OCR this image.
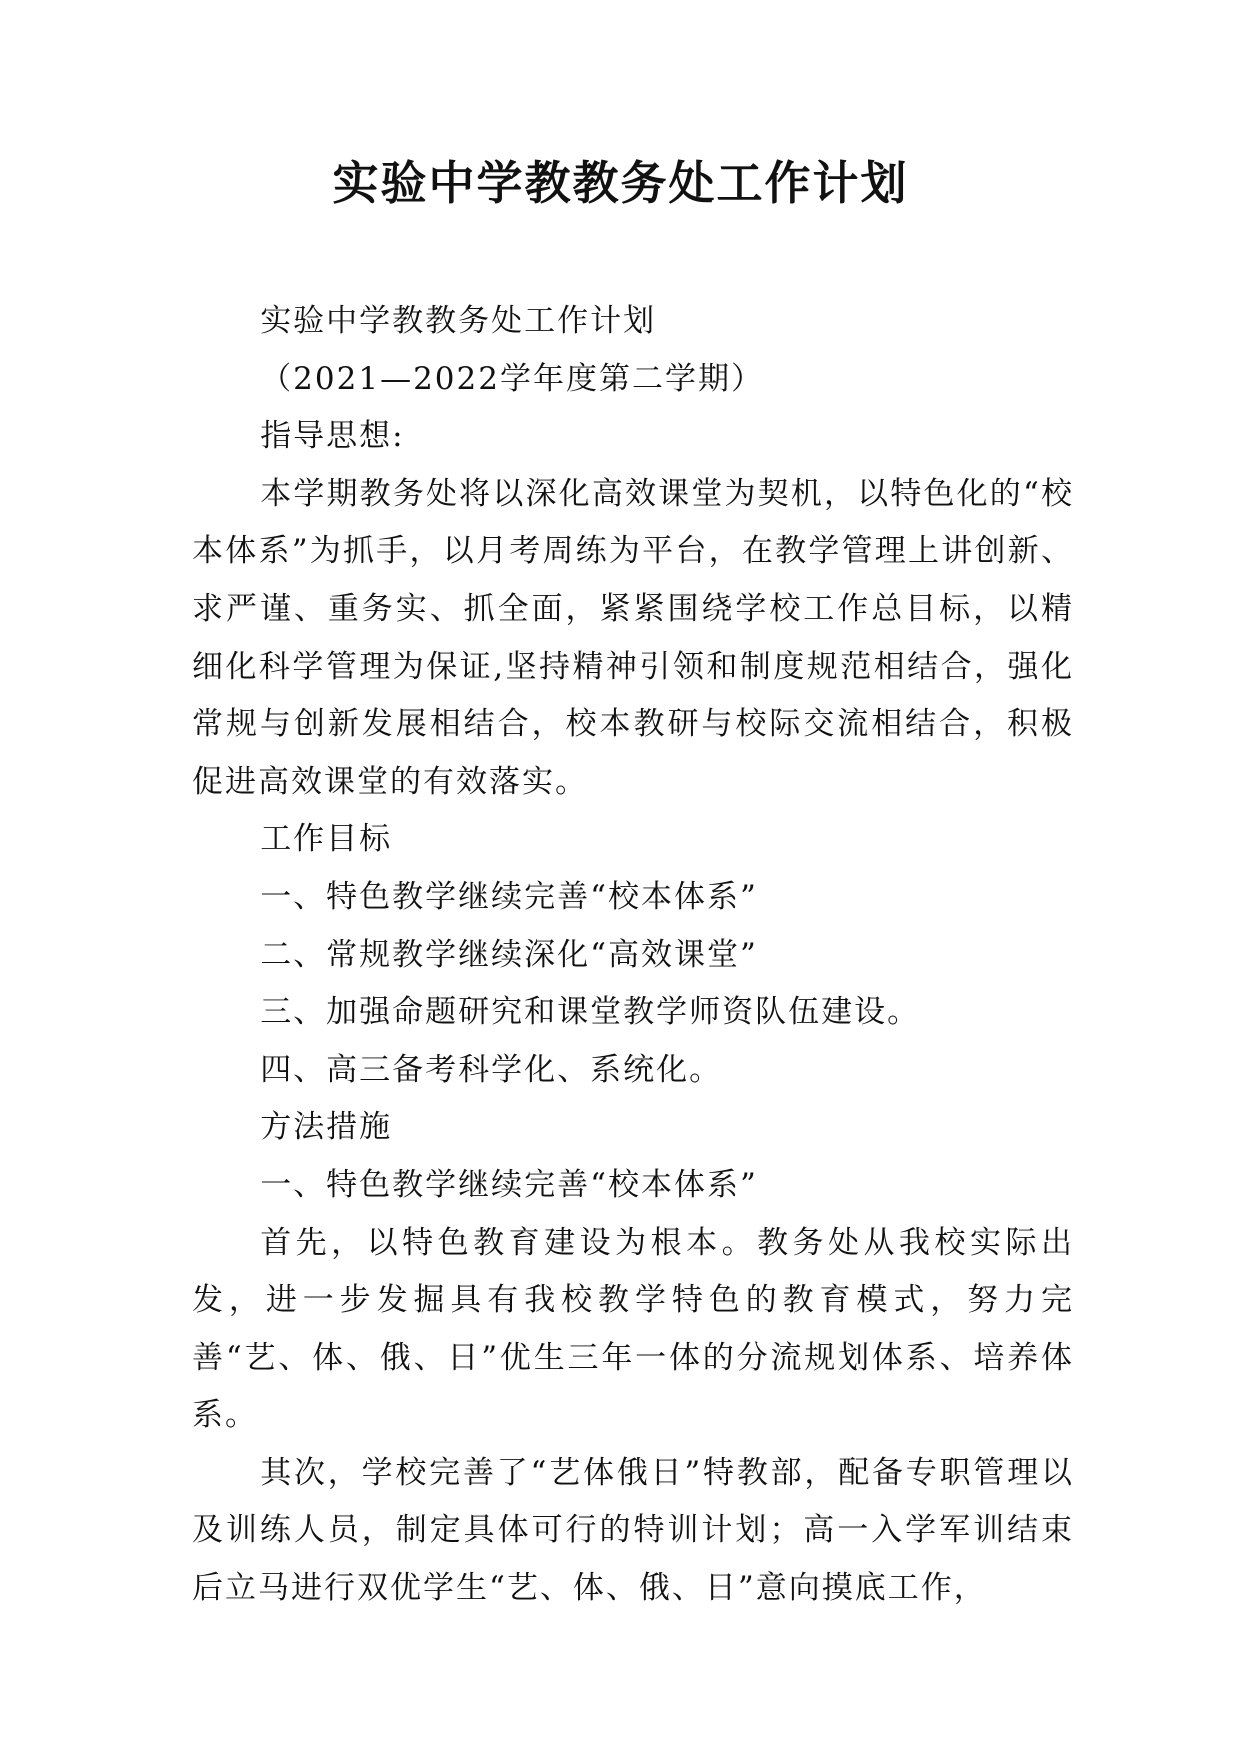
实验中学教教务处工作计划

实验中学教教务处工作计划

（2021—2022学年度第二学期）

指导思想:

本学期教务处将以深化高效课堂为契机，以特色化的“校本体系”为抓手，以月考周练为平台，在教学管理上讲创新、求严谨、重务实、抓全面，紧紧围绕学校工作总目标，以精细化科学管理为保证,坚持精神引领和制度规范相结合，强化常规与创新发展相结合，校本教研与校际交流相结合，积极促进高效课堂的有效落实。

工作目标

一、特色教学继续完善“校本体系”

二、常规教学继续深化“高效课堂”

三、加强命题研究和课堂教学师资队伍建设。

四、高三备考科学化、系统化。

方法措施

一、特色教学继续完善“校本体系”

首先，以特色教育建设为根本。教务处从我校实际出发，进一步发掘具有我校教学特色的教育模式，努力完善“艺、体、俄、日”优生三年一体的分流规划体系、培养体系。

其次，学校完善了“艺体俄日”特教部，配备专职管理以及训练人员，制定具体可行的特训计划；高一入学军训结束后立马进行双优学生“艺、体、俄、日”意向摸底工作，
